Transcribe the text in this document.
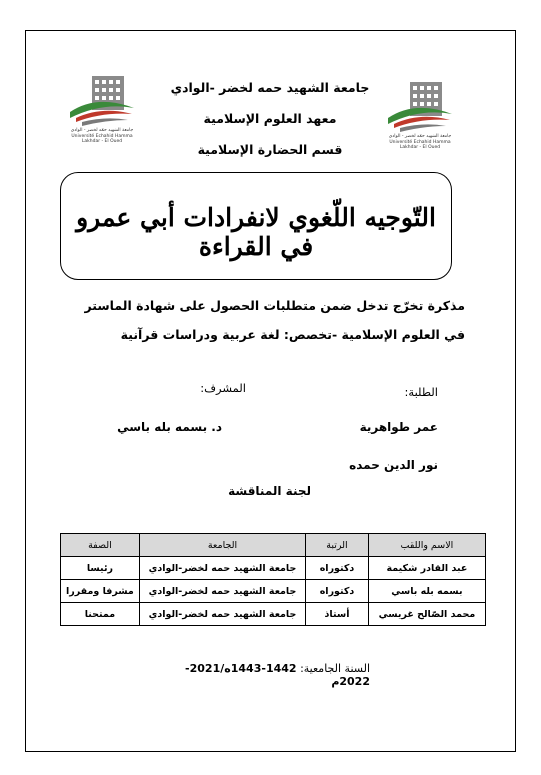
جامعة الشهيد حمّه لخضر - الوادي
Université Echahid Hamma Lakhdar - El Oued
جامعة الشهيد حمّه لخضر - الوادي
Université Echahid Hamma Lakhdar - El Oued
جامعة الشهيد حمه لخضر -الوادي
معهد العلوم الإسلامية
قسم الحضارة الإسلامية
التّوجيه اللّغوي لانفرادات أبي عمرو في القراءة
مذكرة تخرّج تدخل ضمن متطلبات الحصول على شهادة الماستر
في العلوم الإسلامية -تخصص: لغة عربية ودراسات قرآنية
الطلبة:
المشرف:
عمر طواهرية
د. بسمه بله باسي
نور الدين حمده
لجنة المناقشة
الاسم واللقب	الرتبة	الجامعة	الصفة
عبد القادر شكيمة	دكتوراه	جامعة الشهيد حمه لخضر-الوادي	رئيسا
بسمه بله باسي	دكتوراه	جامعة الشهيد حمه لخضر-الوادي	مشرفا ومقررا
محمد الصّالح غريسي	أستاذ	جامعة الشهيد حمه لخضر-الوادي	ممتحنا
السنة الجامعية: 1442-1443ه/2021-2022م
